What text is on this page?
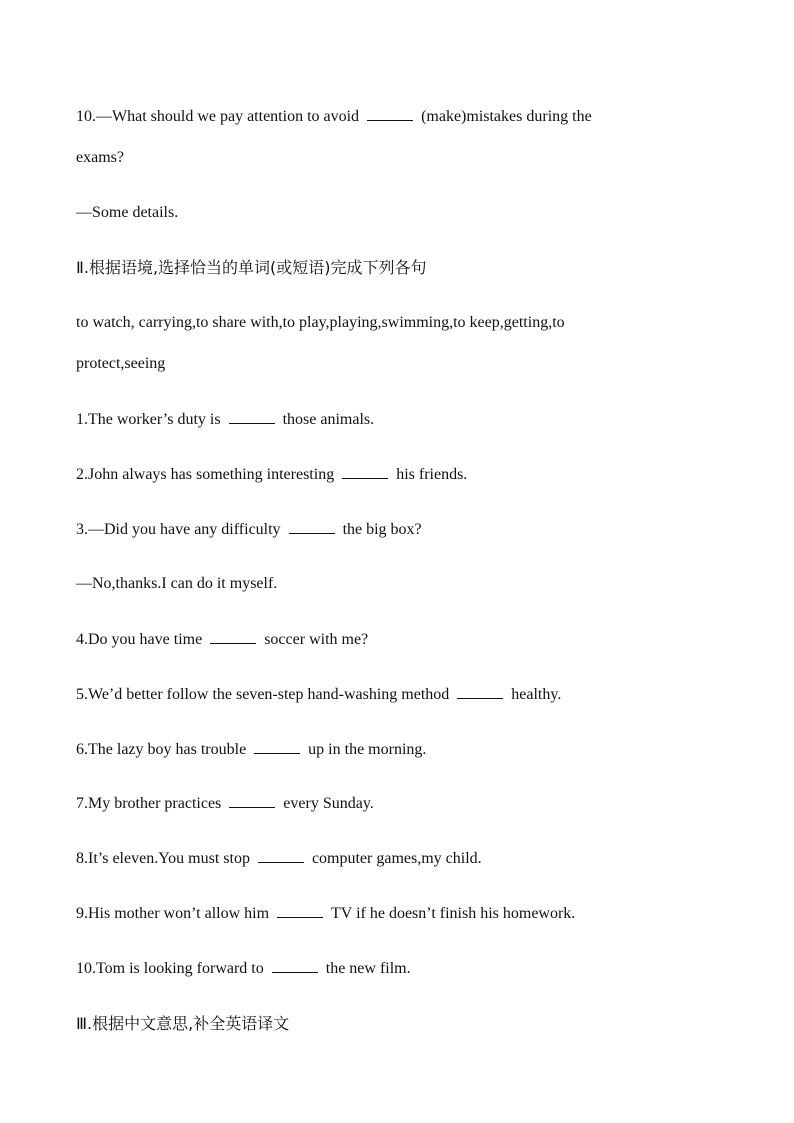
10.—What should we pay attention to avoid	(make)mistakes during the
exams?
—Some details.
Ⅱ.根据语境,选择恰当的单词(或短语)完成下列各句
to watch, carrying,to share with,to play,playing,swimming,to keep,getting,to
protect,seeing
1.The worker’s duty is	those animals.
2.John always has something interesting	his friends.
3.—Did you have any difficulty	the big box?
—No,thanks.I can do it myself.
4.Do you have time	soccer with me?
5.We’d better follow the seven-step hand-washing method	healthy.
6.The lazy boy has trouble	up in the morning.
7.My brother practices	every Sunday.
8.It’s eleven.You must stop	computer games,my child.
9.His mother won’t allow him	TV if he doesn’t finish his homework.
10.Tom is looking forward to	the new film.
Ⅲ.根据中文意思,补全英语译文
